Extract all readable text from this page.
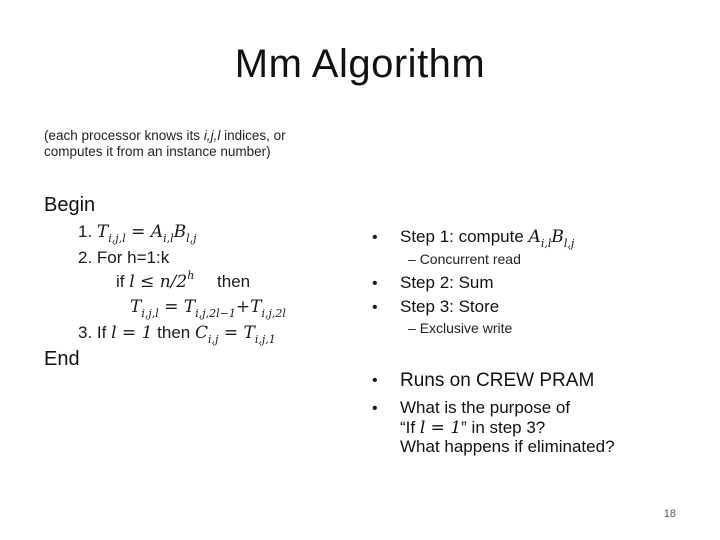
Mm Algorithm
(each processor knows its i,j,l indices, or computes it from an instance number)
Begin
1. $T_{i,j,l} = A_{i,l}B_{l,j}$
2. For h=1:k
if $l \le n/2^h$ then
$T_{i,j,l} = T_{i,j,2l-1}+T_{i,j,2l}$
3. If l = 1 then $C_{i,j} = T_{i,j,1}$
End
• Step 1: compute $A_{i,l}B_{l,j}$
– Concurrent read
• Step 2: Sum
• Step 3: Store
– Exclusive write
• Runs on CREW PRAM
• What is the purpose of
“If l = 1” in step 3?
What happens if eliminated?
18
